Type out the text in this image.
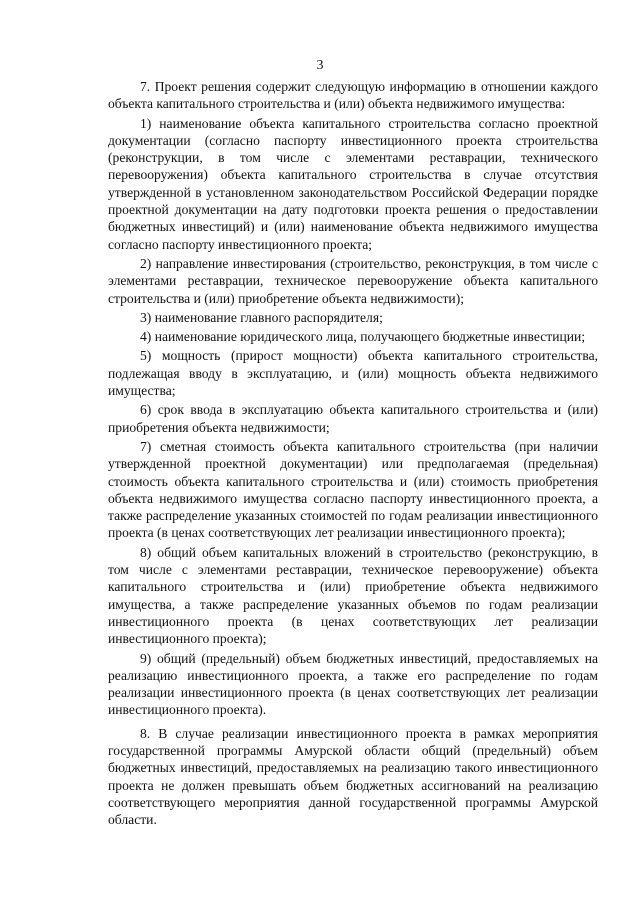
3

7. Проект решения содержит следующую информацию в отношении каждого объекта капитального строительства и (или) объекта недвижимого имущества:

1) наименование объекта капитального строительства согласно проектной документации (согласно паспорту инвестиционного проекта строительства (реконструкции, в том числе с элементами реставрации, технического перевооружения) объекта капитального строительства в случае отсутствия утвержденной в установленном законодательством Российской Федерации порядке проектной документации на дату подготовки проекта решения о предоставлении бюджетных инвестиций) и (или) наименование объекта недвижимого имущества согласно паспорту инвестиционного проекта;

2) направление инвестирования (строительство, реконструкция, в том числе с элементами реставрации, техническое перевооружение объекта капитального строительства и (или) приобретение объекта недвижимости);

3) наименование главного распорядителя;

4) наименование юридического лица, получающего бюджетные инвестиции;

5) мощность (прирост мощности) объекта капитального строительства, подлежащая вводу в эксплуатацию, и (или) мощность объекта недвижимого имущества;

6) срок ввода в эксплуатацию объекта капитального строительства и (или) приобретения объекта недвижимости;

7) сметная стоимость объекта капитального строительства (при наличии утвержденной проектной документации) или предполагаемая (предельная) стоимость объекта капитального строительства и (или) стоимость приобретения объекта недвижимого имущества согласно паспорту инвестиционного проекта, а также распределение указанных стоимостей по годам реализации инвестиционного проекта (в ценах соответствующих лет реализации инвестиционного проекта);

8) общий объем капитальных вложений в строительство (реконструкцию, в том числе с элементами реставрации, техническое перевооружение) объекта капитального строительства и (или) приобретение объекта недвижимого имущества, а также распределение указанных объемов по годам реализации инвестиционного проекта (в ценах соответствующих лет реализации инвестиционного проекта);

9) общий (предельный) объем бюджетных инвестиций, предоставляемых на реализацию инвестиционного проекта, а также его распределение по годам реализации инвестиционного проекта (в ценах соответствующих лет реализации инвестиционного проекта).

8. В случае реализации инвестиционного проекта в рамках мероприятия государственной программы Амурской области общий (предельный) объем бюджетных инвестиций, предоставляемых на реализацию такого инвестиционного проекта не должен превышать объем бюджетных ассигнований на реализацию соответствующего мероприятия данной государственной программы Амурской области.
